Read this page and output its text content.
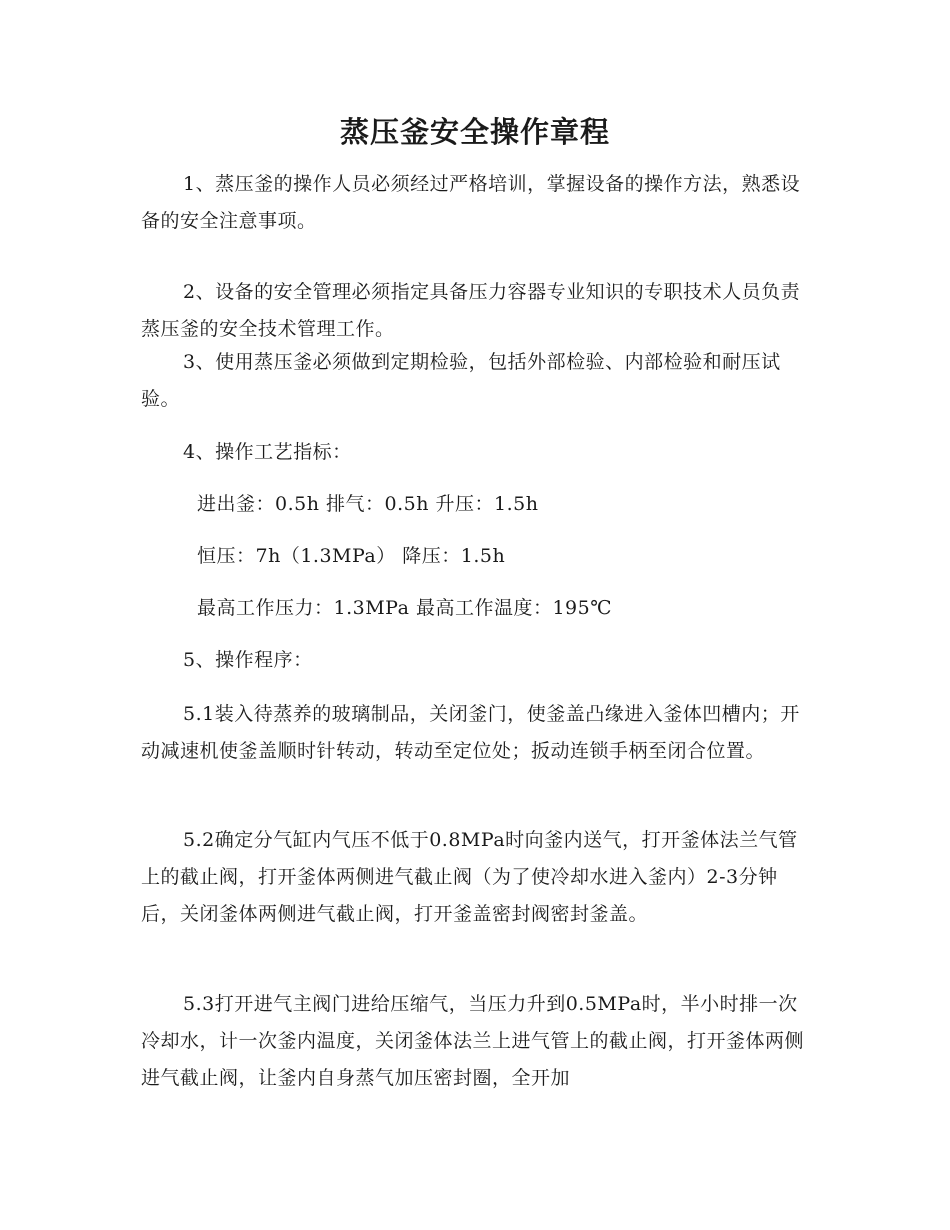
蒸压釜安全操作章程

1、蒸压釜的操作人员必须经过严格培训，掌握设备的操作方法，熟悉设备的安全注意事项。

2、设备的安全管理必须指定具备压力容器专业知识的专职技术人员负责蒸压釜的安全技术管理工作。

3、使用蒸压釜必须做到定期检验，包括外部检验、内部检验和耐压试验。

4、操作工艺指标：

进出釜：0.5h 排气：0.5h 升压：1.5h

恒压：7h（1.3MPa） 降压：1.5h

最高工作压力：1.3MPa 最高工作温度：195℃

5、操作程序：

5.1装入待蒸养的玻璃制品，关闭釜门，使釜盖凸缘进入釜体凹槽内；开动减速机使釜盖顺时针转动，转动至定位处；扳动连锁手柄至闭合位置。

5.2确定分气缸内气压不低于0.8MPa时向釜内送气，打开釜体法兰气管上的截止阀，打开釜体两侧进气截止阀（为了使冷却水进入釜内）2-3分钟后，关闭釜体两侧进气截止阀，打开釜盖密封阀密封釜盖。

5.3打开进气主阀门进给压缩气，当压力升到0.5MPa时，半小时排一次冷却水，计一次釜内温度，关闭釜体法兰上进气管上的截止阀，打开釜体两侧进气截止阀，让釜内自身蒸气加压密封圈，全开加
